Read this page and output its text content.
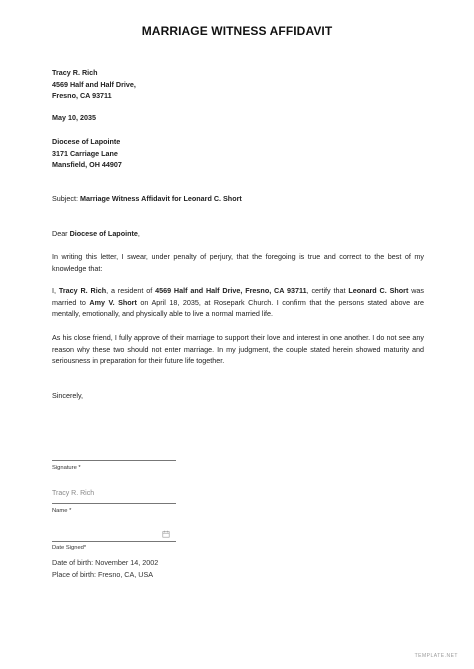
MARRIAGE WITNESS AFFIDAVIT
Tracy R. Rich
4569 Half and Half Drive,
Fresno, CA 93711
May 10, 2035
Diocese of Lapointe
3171 Carriage Lane
Mansfield, OH 44907
Subject: Marriage Witness Affidavit for Leonard C. Short
Dear Diocese of Lapointe,
In writing this letter, I swear, under penalty of perjury, that the foregoing is true and correct to the best of my knowledge that:
I, Tracy R. Rich, a resident of 4569 Half and Half Drive, Fresno, CA 93711, certify that Leonard C. Short was married to Amy V. Short on April 18, 2035, at Rosepark Church. I confirm that the persons stated above are mentally, emotionally, and physically able to live a normal married life.
As his close friend, I fully approve of their marriage to support their love and interest in one another. I do not see any reason why these two should not enter marriage. In my judgment, the couple stated herein showed maturity and seriousness in preparation for their future life together.
Sincerely,
Signature *
Tracy R. Rich
Name *
Date Signed*
Date of birth: November 14, 2002
Place of birth: Fresno, CA, USA
TEMPLATE.NET
